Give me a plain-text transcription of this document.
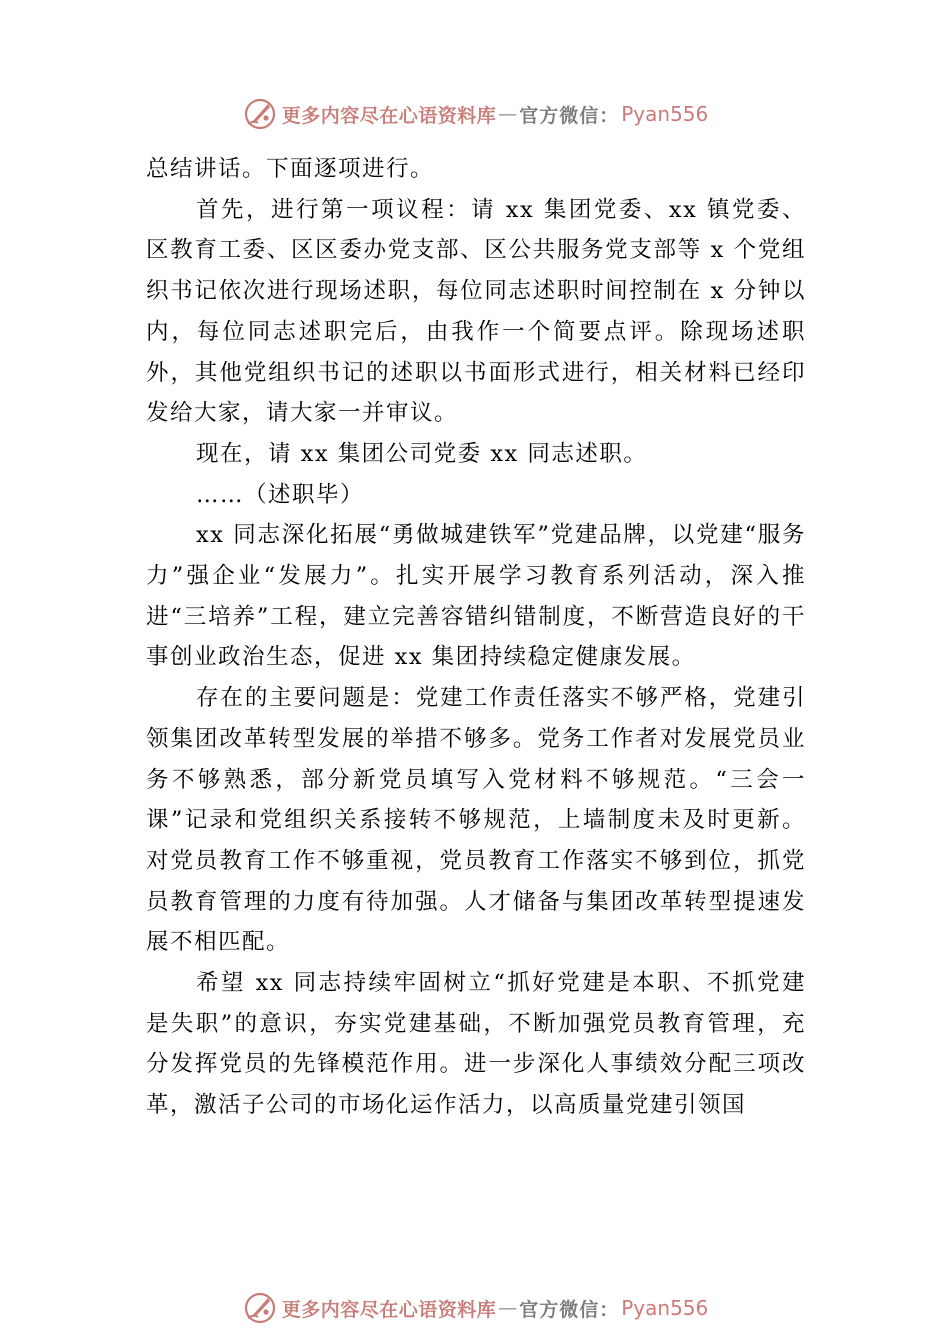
更多内容尽在心语资料库 — 官方微信： Pyan556

总结讲话。下面逐项进行。

首先，进行第一项议程：请 xx 集团党委、xx 镇党委、区教育工委、区区委办党支部、区公共服务党支部等 x 个党组织书记依次进行现场述职，每位同志述职时间控制在 x 分钟以内，每位同志述职完后，由我作一个简要点评。除现场述职外，其他党组织书记的述职以书面形式进行，相关材料已经印发给大家，请大家一并审议。

现在，请 xx 集团公司党委 xx 同志述职。

……（述职毕）

xx 同志深化拓展“勇做城建铁军”党建品牌，以党建“服务力”强企业“发展力”。扎实开展学习教育系列活动，深入推 进“三培养”工程，建立完善容错纠错制度，不断营造良好的干事创业政治生态，促进 xx 集团持续稳定健康发展。

存在的主要问题是：党建工作责任落实不够严格，党建引领集团改革转型发展的举措不够多。党务工作者对发展党员业务不够熟悉，部分新党员填写入党材料不够规范。“三会一课”记录和党组织关系接转不够规范，上墙制度未及时更新。对党员教育工作不够重视，党员教育工作落实不够到位，抓党员教育管理的力度有待加强。人才储备与集团改革转型提速发展不相匹配。

希望 xx 同志持续牢固树立“抓好党建是本职、不抓党建是失职”的意识，夯实党建基础，不断加强党员教育管理，充分发挥党员的先锋模范作用。进一步深化人事绩效分配三项改革，激活子公司的市场化运作活力，以高质量党建引领国

更多内容尽在心语资料库 — 官方微信： Pyan556
